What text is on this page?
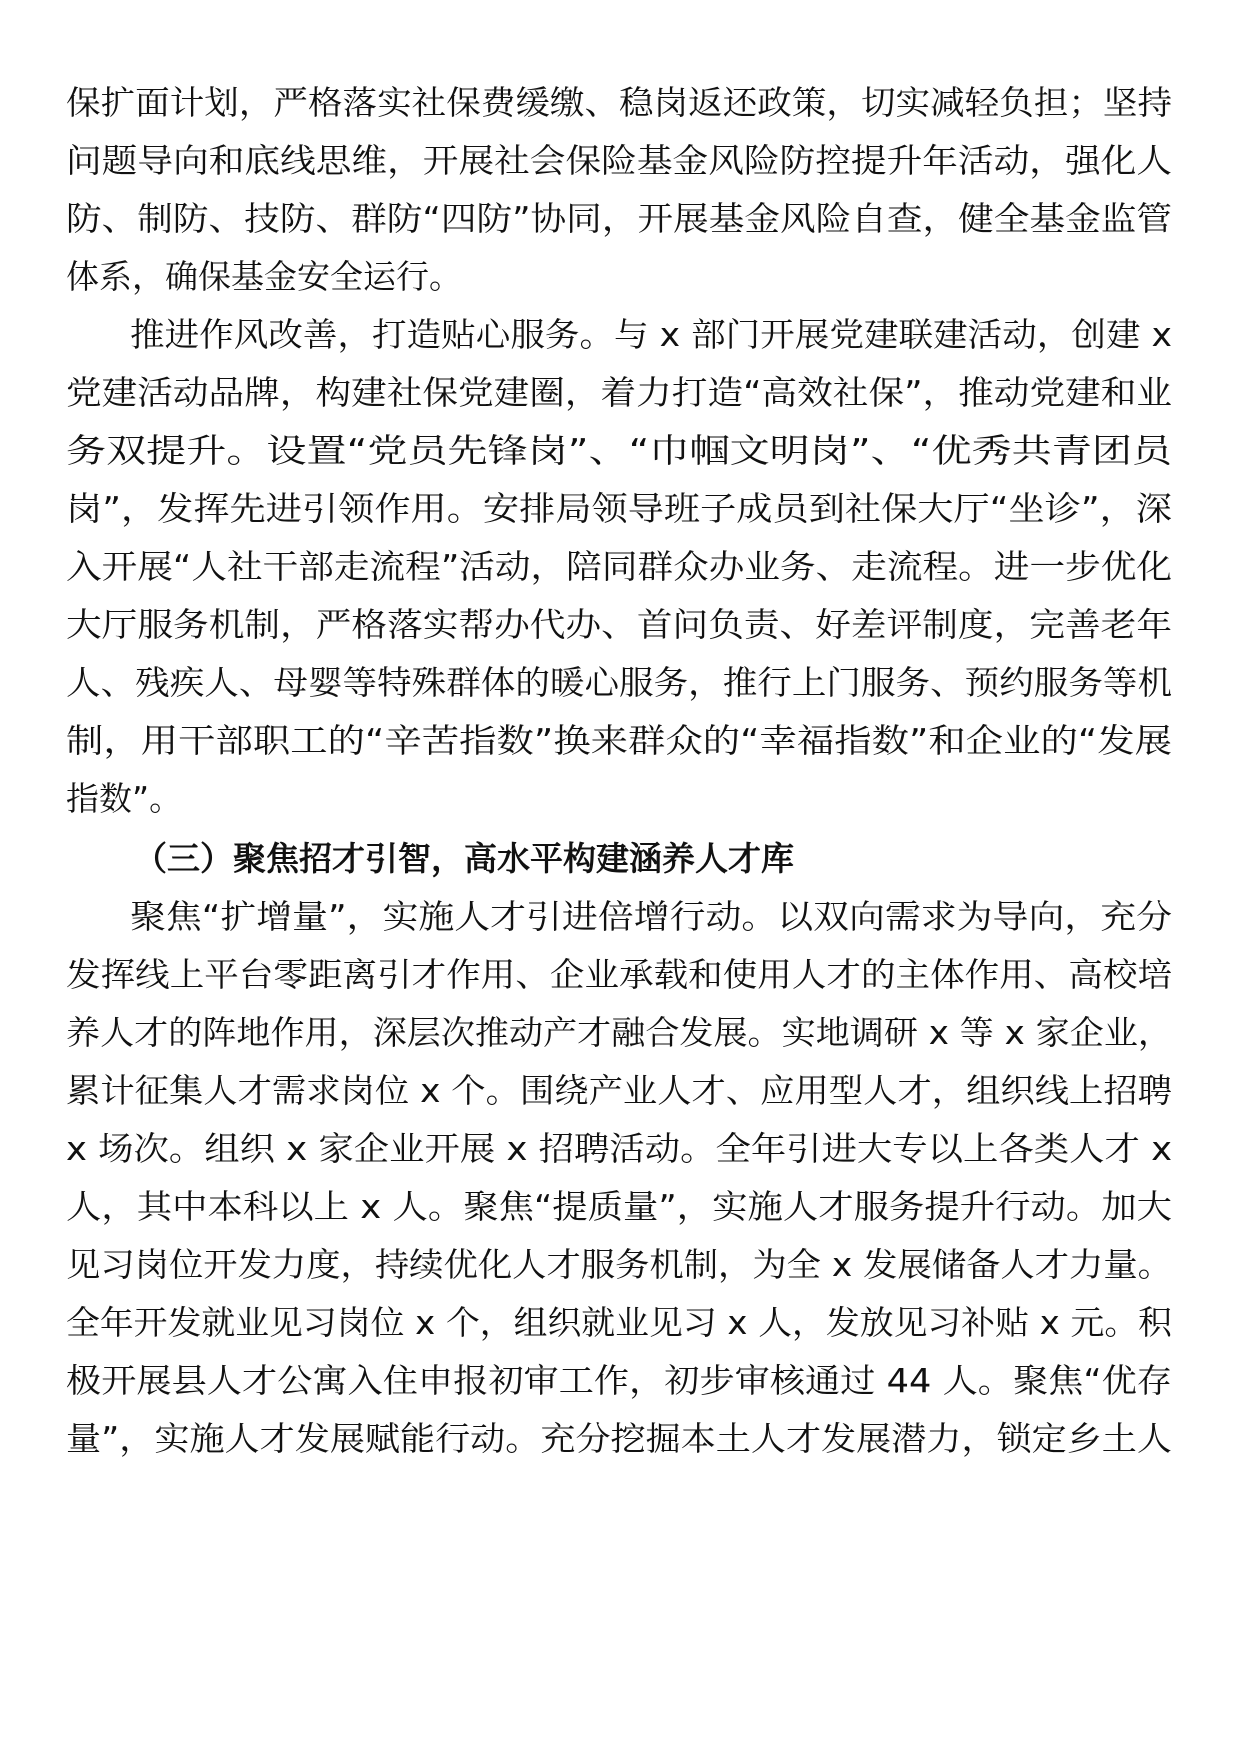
保扩面计划，严格落实社保费缓缴、稳岗返还政策，切实减轻负担；坚持
问题导向和底线思维，开展社会保险基金风险防控提升年活动，强化人
防、制防、技防、群防“四防”协同，开展基金风险自查，健全基金监管
体系，确保基金安全运行。
推进作风改善，打造贴心服务。与 x 部门开展党建联建活动，创建 x
党建活动品牌，构建社保党建圈，着力打造“高效社保”，推动党建和业
务双提升。设置“党员先锋岗”、“巾帼文明岗”、“优秀共青团员
岗”，发挥先进引领作用。安排局领导班子成员到社保大厅“坐诊”，深
入开展“人社干部走流程”活动，陪同群众办业务、走流程。进一步优化
大厅服务机制，严格落实帮办代办、首问负责、好差评制度，完善老年
人、残疾人、母婴等特殊群体的暖心服务，推行上门服务、预约服务等机
制，用干部职工的“辛苦指数”换来群众的“幸福指数”和企业的“发展
指数”。
（三）聚焦招才引智，高水平构建涵养人才库
聚焦“扩增量”，实施人才引进倍增行动。以双向需求为导向，充分
发挥线上平台零距离引才作用、企业承载和使用人才的主体作用、高校培
养人才的阵地作用，深层次推动产才融合发展。实地调研 x 等 x 家企业，
累计征集人才需求岗位 x 个。围绕产业人才、应用型人才，组织线上招聘
x 场次。组织 x 家企业开展 x 招聘活动。全年引进大专以上各类人才 x
人，其中本科以上 x 人。聚焦“提质量”，实施人才服务提升行动。加大
见习岗位开发力度，持续优化人才服务机制，为全 x 发展储备人才力量。
全年开发就业见习岗位 x 个，组织就业见习 x 人，发放见习补贴 x 元。积
极开展县人才公寓入住申报初审工作，初步审核通过 44 人。聚焦“优存
量”，实施人才发展赋能行动。充分挖掘本土人才发展潜力，锁定乡土人
